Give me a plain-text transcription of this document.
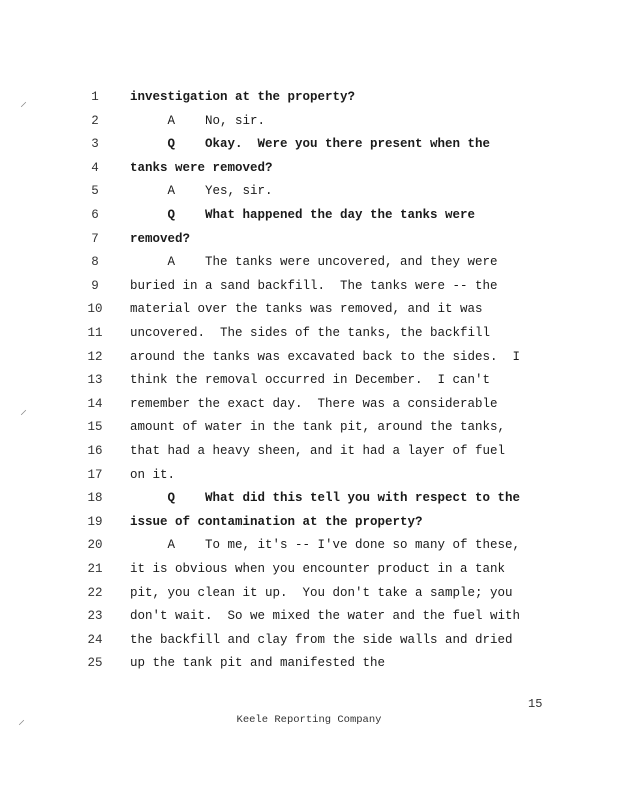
⸝
⸝
⸝
1	investigation at the property?
2	A    No, sir.
3	Q    Okay.  Were you there present when the
4	tanks were removed?
5	A    Yes, sir.
6	Q    What happened the day the tanks were
7	removed?
8	A    The tanks were uncovered, and they were
9	buried in a sand backfill.  The tanks were -- the
10	material over the tanks was removed, and it was
11	uncovered.  The sides of the tanks, the backfill
12	around the tanks was excavated back to the sides.  I
13	think the removal occurred in December.  I can't
14	remember the exact day.  There was a considerable
15	amount of water in the tank pit, around the tanks,
16	that had a heavy sheen, and it had a layer of fuel
17	on it.
18	Q    What did this tell you with respect to the
19	issue of contamination at the property?
20	A    To me, it's -- I've done so many of these,
21	it is obvious when you encounter product in a tank
22	pit, you clean it up.  You don't take a sample; you
23	don't wait.  So we mixed the water and the fuel with
24	the backfill and clay from the side walls and dried
25	up the tank pit and manifested the
15
Keele Reporting Company
